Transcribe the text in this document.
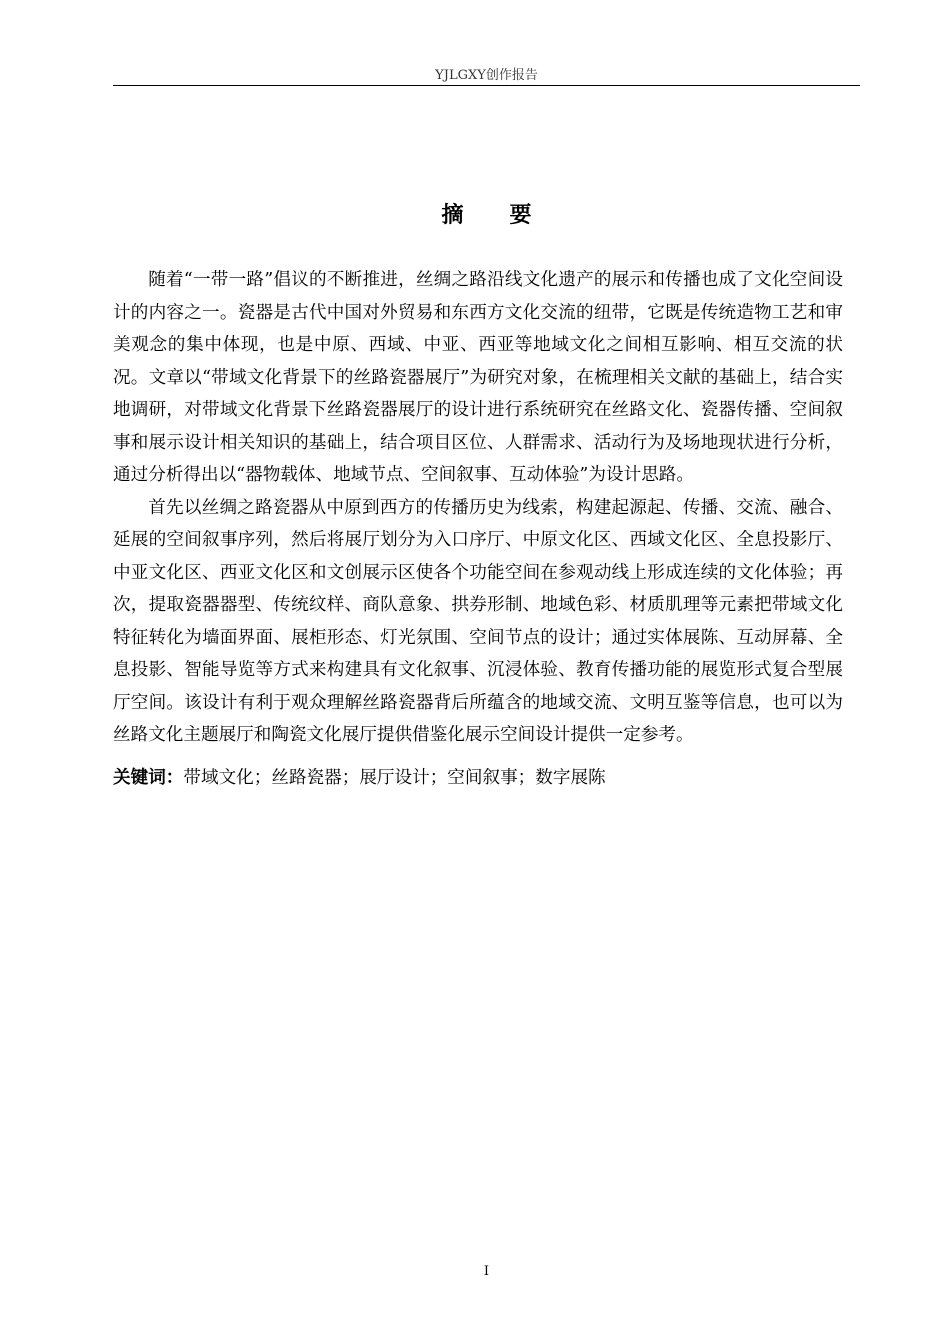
YJLGXY创作报告
摘要

随着“一带一路”倡议的不断推进，丝绸之路沿线文化遗产的展示和传播也成了文化空间设计的内容之一。瓷器是古代中国对外贸易和东西方文化交流的纽带，它既是传统造物工艺和审美观念的集中体现，也是中原、西域、中亚、西亚等地域文化之间相互影响、相互交流的状况。文章以“带域文化背景下的丝路瓷器展厅”为研究对象，在梳理相关文献的基础上，结合实地调研，对带域文化背景下丝路瓷器展厅的设计进行系统研究在丝路文化、瓷器传播、空间叙事和展示设计相关知识的基础上，结合项目区位、人群需求、活动行为及场地现状进行分析，通过分析得出以“器物载体、地域节点、空间叙事、互动体验”为设计思路。

首先以丝绸之路瓷器从中原到西方的传播历史为线索，构建起源起、传播、交流、融合、延展的空间叙事序列，然后将展厅划分为入口序厅、中原文化区、西域文化区、全息投影厅、中亚文化区、西亚文化区和文创展示区使各个功能空间在参观动线上形成连续的文化体验；再次，提取瓷器器型、传统纹样、商队意象、拱券形制、地域色彩、材质肌理等元素把带域文化特征转化为墙面界面、展柜形态、灯光氛围、空间节点的设计；通过实体展陈、互动屏幕、全息投影、智能导览等方式来构建具有文化叙事、沉浸体验、教育传播功能的展览形式复合型展厅空间。该设计有利于观众理解丝路瓷器背后所蕴含的地域交流、文明互鉴等信息，也可以为丝路文化主题展厅和陶瓷文化展厅提供借鉴化展示空间设计提供一定参考。

关键词：带域文化；丝路瓷器；展厅设计；空间叙事；数字展陈
I
